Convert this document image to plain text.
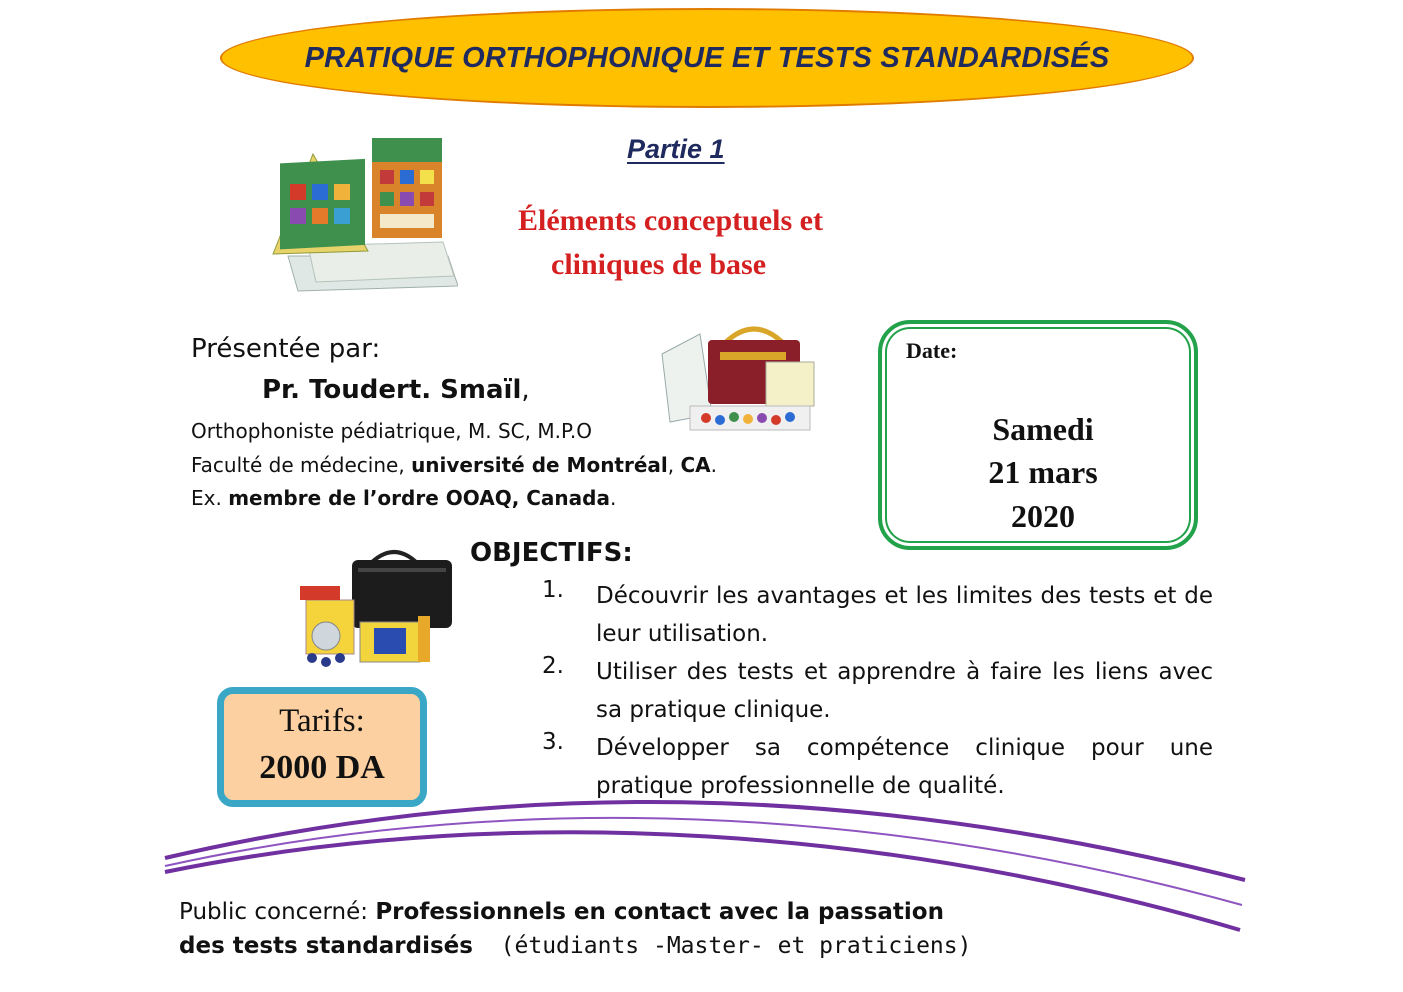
PRATIQUE ORTHOPHONIQUE ET TESTS STANDARDISÉS
Partie 1
Éléments conceptuels et
cliniques de base
Présentée par:
Pr. Toudert. Smaïl,
Orthophoniste pédiatrique, M. SC, M.P.O
Faculté de médecine, université de Montréal, CA.
Ex. membre de l’ordre OOAQ, Canada.
Date:
Samedi
21 mars
2020
OBJECTIFS:
1. Découvrir les avantages et les limites des tests et de leur utilisation.
2. Utiliser des tests et apprendre à faire les liens avec sa pratique clinique.
3. Développer sa compétence clinique pour une pratique professionnelle de qualité.
Tarifs:
2000 DA
Public concerné: Professionnels en contact avec la passation
des tests standardisés  (étudiants -Master- et praticiens)
